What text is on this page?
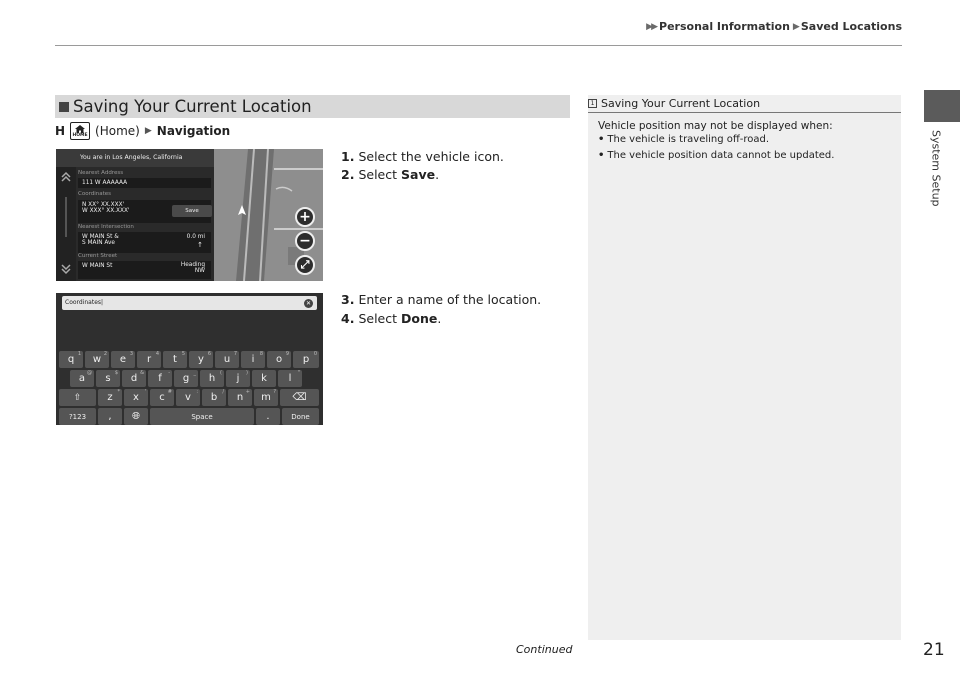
▶▶ Personal Information ▶ Saved Locations
System Setup
Saving Your Current Location
H HOME (Home) ▶ Navigation
1. Select the vehicle icon.
2. Select Save.
3. Enter a name of the location.
4. Select Done.
You are in Los Angeles, California
Nearest Address
111 W AAAAAA
Coordinates
N XX° XX.XXX'
W XXX° XX.XXX'	Save
Nearest Intersection
W MAIN St &
S MAIN Ave
0.0 mi
↑
Current Street
W MAIN St	Heading
NW
+
−
⤢
Coordinates|	✕
q 1 w 2 e 3 r 4 t 5 y 6 u 7 i 8 o 9 p 0
a @ s $ d & f - g _ h ( j ) k l "
⇧	z * x ' c # v : b / n + m ? ⌫
?123	,	🌐︎	Space	.	Done
1 Saving Your Current Location
Vehicle position may not be displayed when:
• The vehicle is traveling off-road.
• The vehicle position data cannot be updated.
Continued	21
